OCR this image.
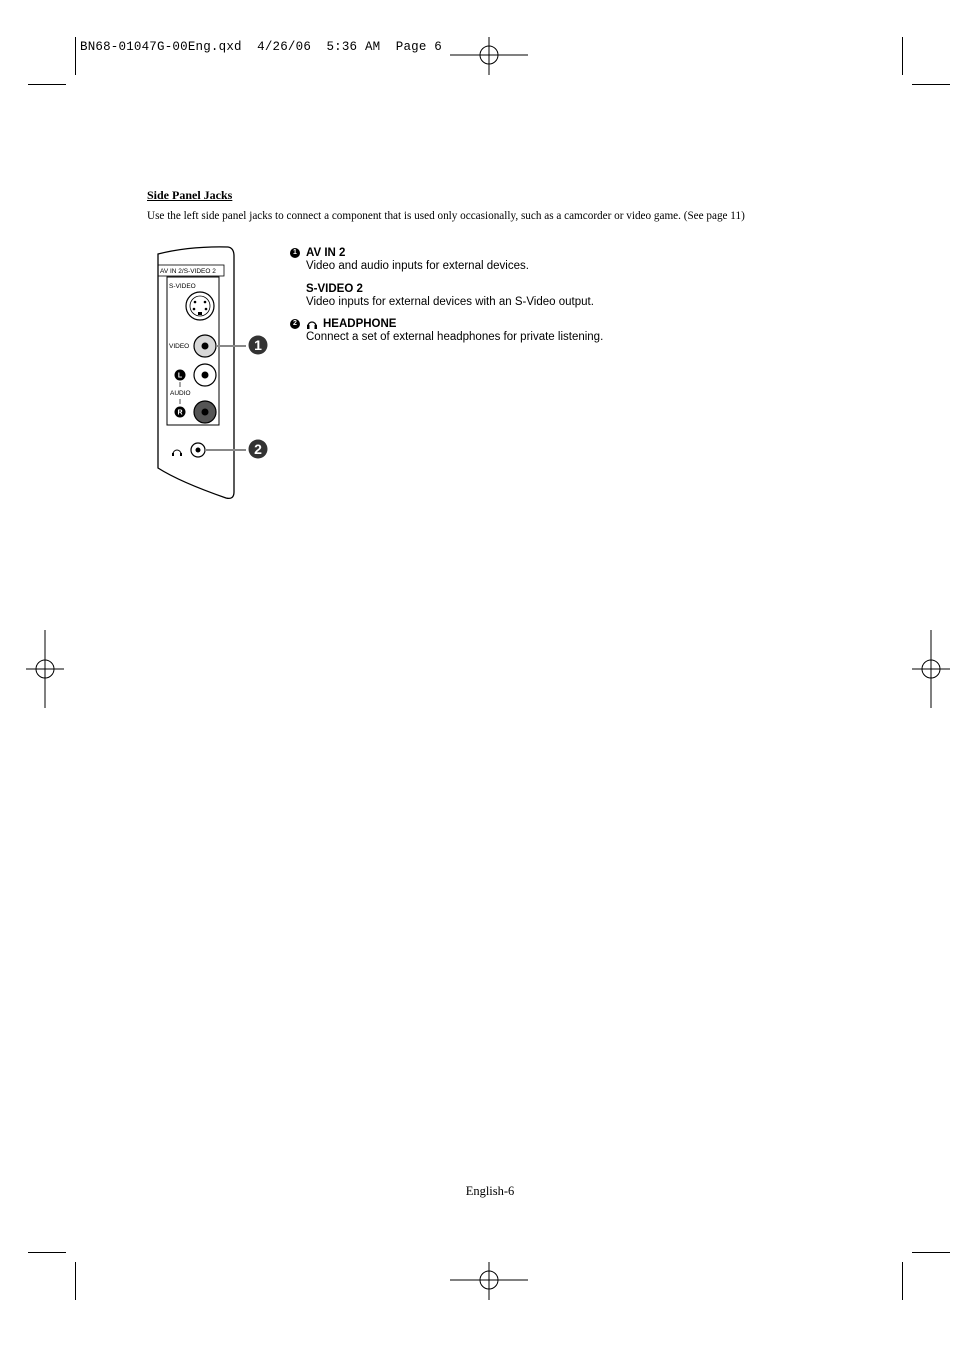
BN68-01047G-00Eng.qxd  4/26/06  5:36 AM  Page 6
Side Panel Jacks
Use the left side panel jacks to connect a component that is used only occasionally, such as a camcorder or video game. (See page 11)
AV IN 2/S-VIDEO 2
S-VIDEO
VIDEO
L
AUDIO
R
1
2
1 AV IN 2
Video and audio inputs for external devices.
S-VIDEO 2
Video inputs for external devices with an S-Video output.
2 HEADPHONE
Connect a set of external headphones for private listening.
English-6
